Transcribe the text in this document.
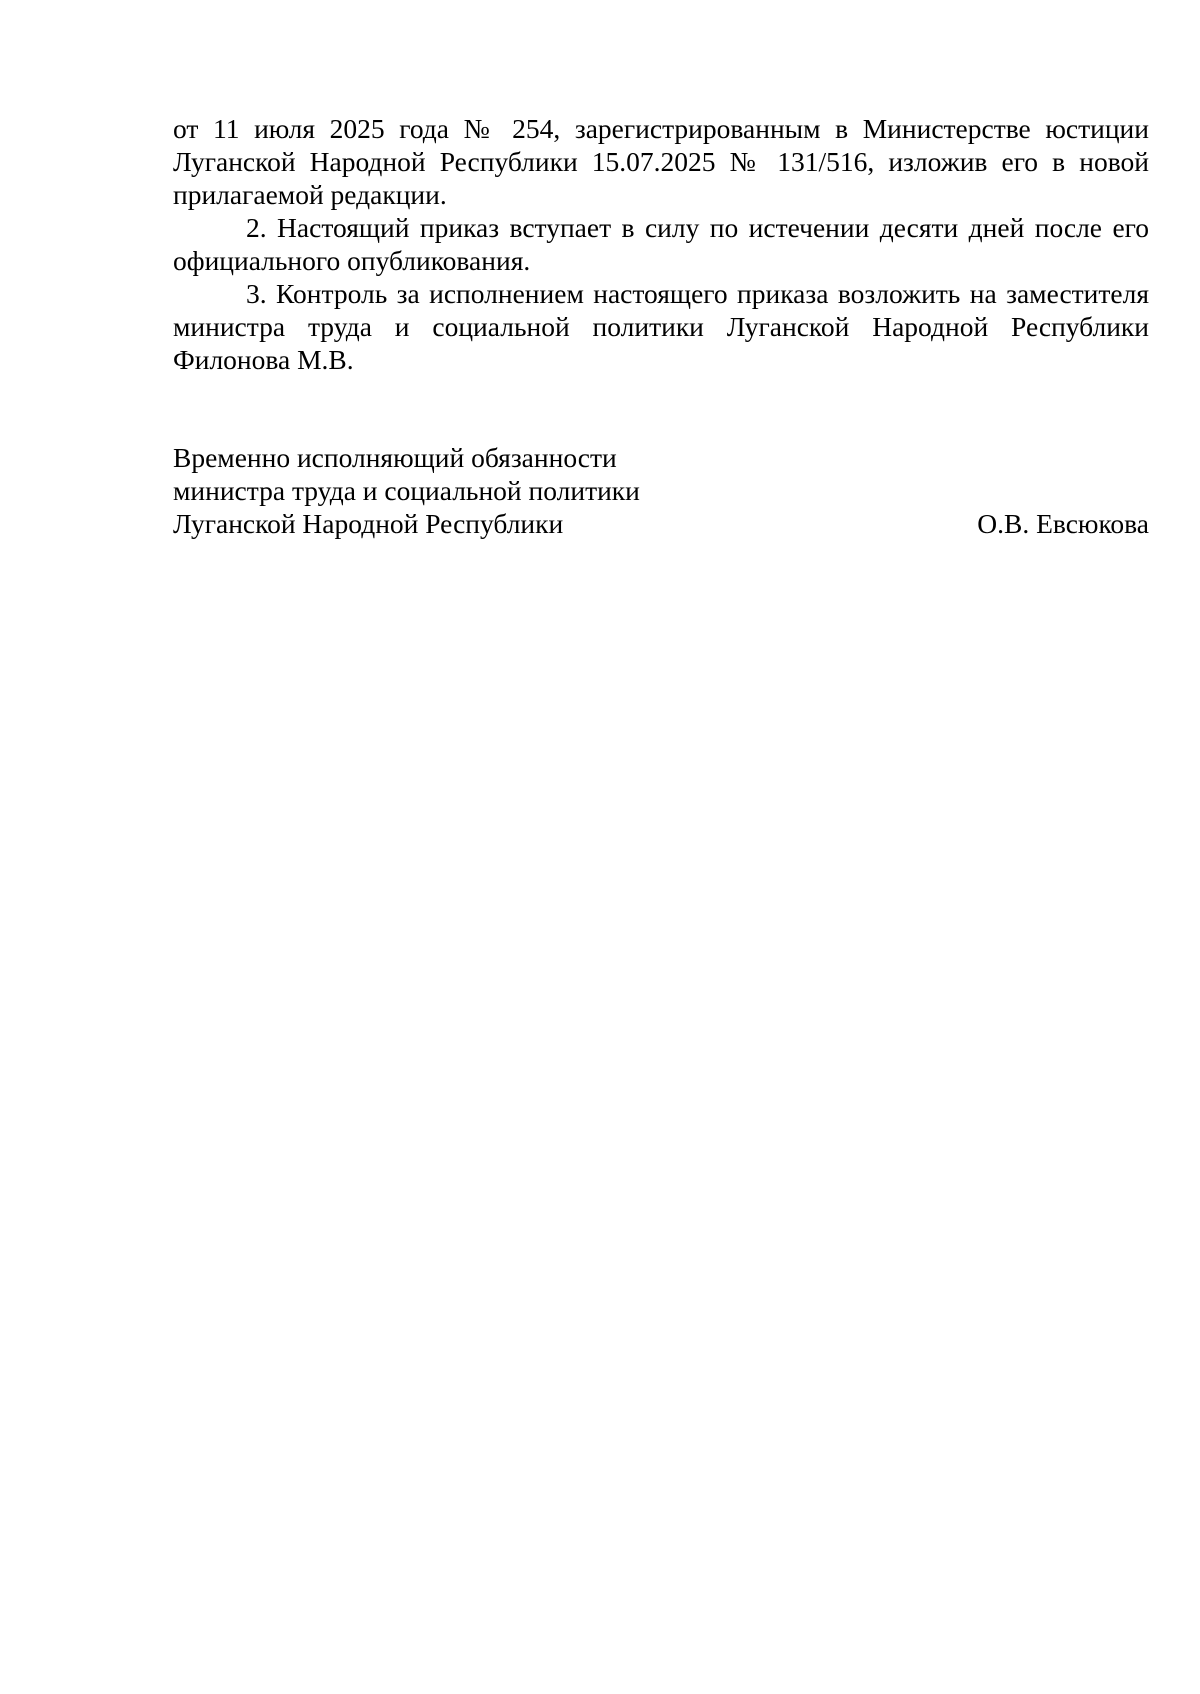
от 11 июля 2025 года № 254, зарегистрированным в Министерстве юстиции Луганской Народной Республики 15.07.2025 № 131/516, изложив его в новой прилагаемой редакции.

2. Настоящий приказ вступает в силу по истечении десяти дней после его официального опубликования.

3. Контроль за исполнением настоящего приказа возложить на заместителя министра труда и социальной политики Луганской Народной Республики Филонова М.В.

Временно исполняющий обязанности
министра труда и социальной политики
Луганской Народной Республики	О.В. Евсюкова
